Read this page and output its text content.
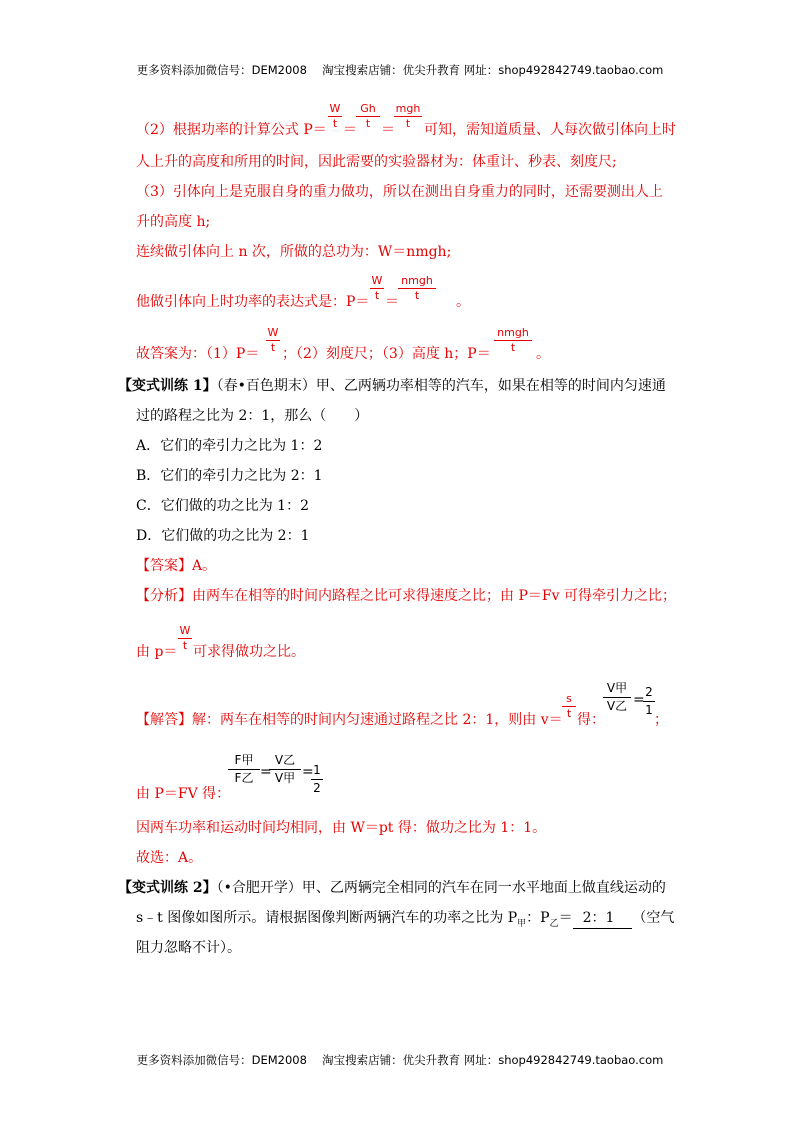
更多资料添加微信号：DEM2008　 淘宝搜索店铺：优尖升教育 网址：shop492842749.taobao.com
（2）根据功率的计算公式 $P= \frac{W}{t} = \frac{Gh}{t}$ ＝
mgh
t 可知，需知道质量、人每次做引体向上时
人上升的高度和所用的时间，因此需要的实验器材为：体重计、秒表、刻度尺;
（3）引体向上是克服自身的重力做功，所以在测出自身重力的同时，还需要测出人上
升的高度 h;
连续做引体向上 n 次，所做的总功为：W＝nmgh;
他做引体向上时功率的表达式是：$P= \frac{W}{t}$ ＝
nmgh
t	。
故答案为：$(1)P= \frac{W}{t}$ ；（2）刻度尺；（3）高度 h；P＝
nmgh
t	。
【变式训练 1】（春•百色期末）甲、乙两辆功率相等的汽车，如果在相等的时间内匀速通
过的路程之比为 2：1，那么（　　）
A．它们的牵引力之比为 1：2
B．它们的牵引力之比为 2：1
C．它们做的功之比为 1：2
D．它们做的功之比为 2：1
【答案】A。
【分析】由两车在相等的时间内路程之比可求得速度之比；由 P＝Fv 可得牵引力之比；
由 $p= \frac{W}{t}$ 可求得做功之比。
【解答】解：两车在相等的时间内匀速通过路程之比 2：1，则由 $v= \frac{s}{t}$ 得：
V甲
V乙 =
$\frac{2}{1}$
；
由 P＝FV 得：
F甲
F乙 =
V乙
V甲 =
$\frac{1}{2}$
因两车功率和运动时间均相同，由 W＝pt 得：做功之比为 1：1。
故选：A。
【变式训练 2】（•合肥开学）甲、乙两辆完全相同的汽车在同一水平地面上做直线运动的
s﹣t 图像如图所示。请根据图像判断两辆汽车的功率之比为 $P_甲$：$P_乙= 2$：1 （空气
阻力忽略不计）。
更多资料添加微信号：DEM2008　 淘宝搜索店铺：优尖升教育 网址：shop492842749.taobao.com
